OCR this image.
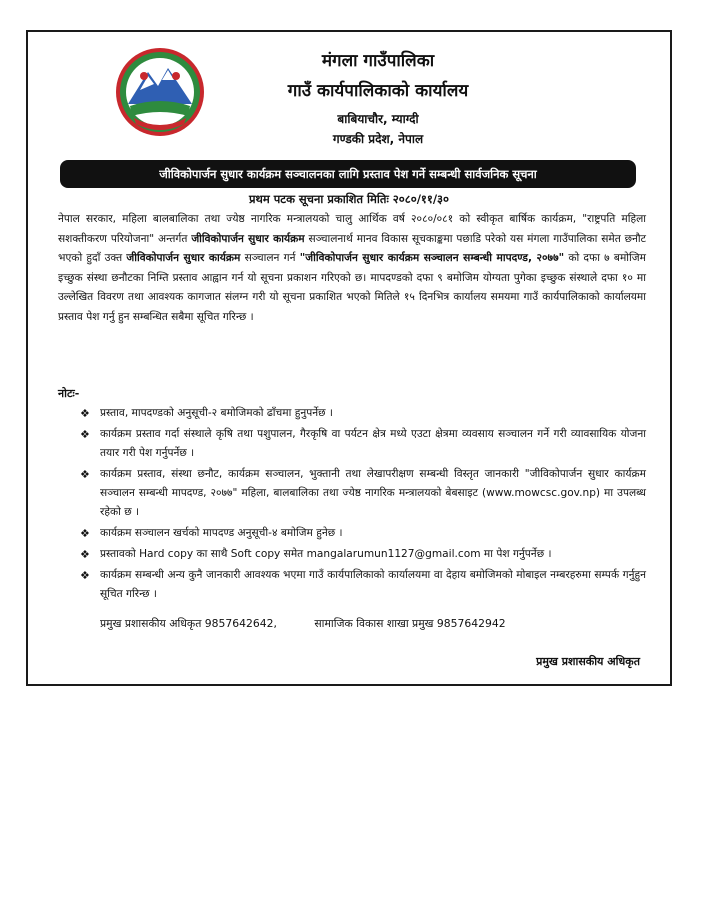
मंगला गाउँपालिका
गाउँ कार्यपालिकाको कार्यालय
बाबियाचौर, म्याग्दी
गण्डकी प्रदेश, नेपाल
जीविकोपार्जन सुधार कार्यक्रम सञ्चालनका लागि प्रस्ताव पेश गर्ने सम्बन्धी सार्वजनिक सूचना
प्रथम पटक सूचना प्रकाशित मितिः २०८०/११/३०

नेपाल सरकार, महिला बालबालिका तथा ज्येष्ठ नागरिक मन्त्रालयको चालु आर्थिक वर्ष २०८०/०८१ को स्वीकृत बार्षिक कार्यक्रम, "राष्ट्रपति महिला सशक्तीकरण परियोजना" अन्तर्गत जीविकोपार्जन सुधार कार्यक्रम सञ्चालनार्थ मानव विकास सूचकाङ्कमा पछाडि परेको यस मंगला गाउँपालिका समेत छनौट भएको हुदाँ उक्त जीविकोपार्जन सुधार कार्यक्रम सञ्चालन गर्न "जीविकोपार्जन सुधार कार्यक्रम सञ्चालन सम्बन्धी मापदण्ड, २०७७" को दफा ७ बमोजिम इच्छुक संस्था छनौटका निम्ति प्रस्ताव आह्वान गर्न यो सूचना प्रकाशन गरिएको छ। मापदण्डको दफा ९ बमोजिम योग्यता पुगेका इच्छुक संस्थाले दफा १० मा उल्लेखित विवरण तथा आवश्यक कागजात संलग्न गरी यो सूचना प्रकाशित भएको मितिले १५ दिनभित्र कार्यालय समयमा गाउँ कार्यपालिकाको कार्यालयमा प्रस्ताव पेश गर्नु हुन सम्बन्धित सबैमा सूचित गरिन्छ ।

नोटः-
❖ प्रस्ताव, मापदण्डको अनुसूची-२ बमोजिमको ढाँचमा हुनुपर्नेछ ।
❖ कार्यक्रम प्रस्ताव गर्दा संस्थाले कृषि तथा पशुपालन, गैरकृषि वा पर्यटन क्षेत्र मध्ये एउटा क्षेत्रमा व्यवसाय सञ्चालन गर्ने गरी व्यावसायिक योजना तयार गरी पेश गर्नुपर्नेछ ।
❖ कार्यक्रम प्रस्ताव, संस्था छनौट, कार्यक्रम सञ्चालन, भुक्तानी तथा लेखापरीक्षण सम्बन्धी विस्तृत जानकारी "जीविकोपार्जन सुधार कार्यक्रम सञ्चालन सम्बन्धी मापदण्ड, २०७७" महिला, बालबालिका तथा ज्येष्ठ नागरिक मन्त्रालयको बेबसाइट (www.mowcsc.gov.np) मा उपलब्ध रहेको छ ।
❖ कार्यक्रम सञ्चालन खर्चको मापदण्ड अनुसूची-४ बमोजिम हुनेछ ।
❖ प्रस्तावको Hard copy का साथै Soft copy समेत mangalarumun1127@gmail.com मा पेश गर्नुपर्नेछ ।
❖ कार्यक्रम सम्बन्धी अन्य कुनै जानकारी आवश्यक भएमा गाउँ कार्यपालिकाको कार्यालयमा वा देहाय बमोजिमको मोबाइल नम्बरहरुमा सम्पर्क गर्नुहुन सूचित गरिन्छ ।
प्रमुख प्रशासकीय अधिकृत 9857642642,	सामाजिक विकास शाखा प्रमुख 9857642942
प्रमुख प्रशासकीय अधिकृत
